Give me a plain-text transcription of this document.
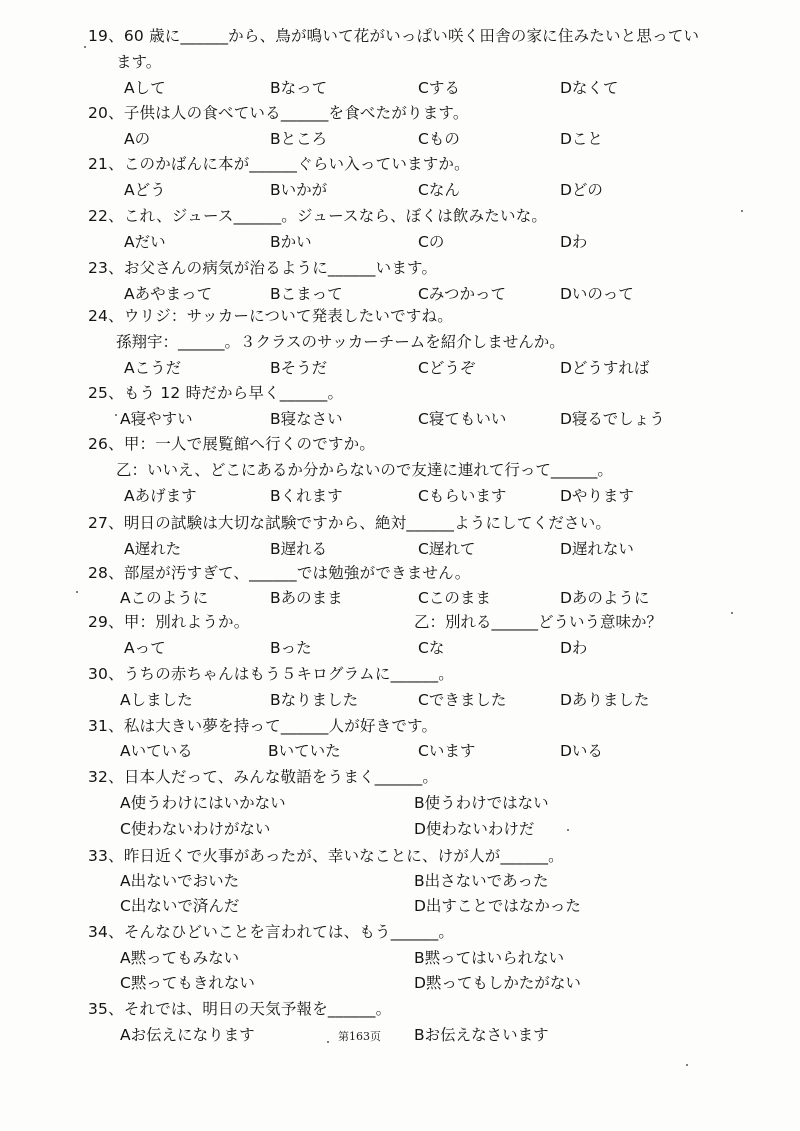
19、60 歳に______から、鳥が鳴いて花がいっぱい咲く田舎の家に住みたいと思ってい
ます。
Aして	Bなって	Cする	Dなくて
20、子供は人の食べている______を食べたがります。
Aの	Bところ	Cもの	Dこと
21、このかばんに本が______ぐらい入っていますか。
Aどう	Bいかが	Cなん	Dどの
22、これ、ジュース______。ジュースなら、ぼくは飲みたいな。
Aだい	Bかい	Cの	Dわ
23、お父さんの病気が治るように______います。
Aあやまって	Bこまって	Cみつかって	Dいのって
24、ウリジ：サッカーについて発表したいですね。
孫翔宇：______。３クラスのサッカーチームを紹介しませんか。
Aこうだ	Bそうだ	Cどうぞ	Dどうすれば
25、もう 12 時だから早く______。
A寝やすい	B寝なさい	C寝てもいい	D寝るでしょう
26、甲：一人で展覧館へ行くのですか。
乙：いいえ、どこにあるか分からないので友達に連れて行って______。
Aあげます	Bくれます	Cもらいます	Dやります
27、明日の試験は大切な試験ですから、絶対______ようにしてください。
A遅れた	B遅れる	C遅れて	D遅れない
28、部屋が汚すぎて、______では勉強ができません。
Aこのように	Bあのまま	Cこのまま	Dあのように
29、甲：別れようか。	乙：別れる______どういう意味か？
Aって	Bった	Cな	Dわ
30、うちの赤ちゃんはもう５キログラムに______。
Aしました	Bなりました	Cできました	Dありました
31、私は大きい夢を持って______人が好きです。
Aいている	Bいていた	Cいます	Dいる
32、日本人だって、みんな敬語をうまく______。
A使うわけにはいかない	B使うわけではない
C使わないわけがない	D使わないわけだ
33、昨日近くで火事があったが、幸いなことに、けが人が______。
A出ないでおいた	B出さないであった
C出ないで済んだ	D出すことではなかった
34、そんなひどいことを言われては、もう______。
A黙ってもみない	B黙ってはいられない
C黙ってもきれない	D黙ってもしかたがない
35、それでは、明日の天気予報を______。
Aお伝えになります	Bお伝えなさいます
第163页
